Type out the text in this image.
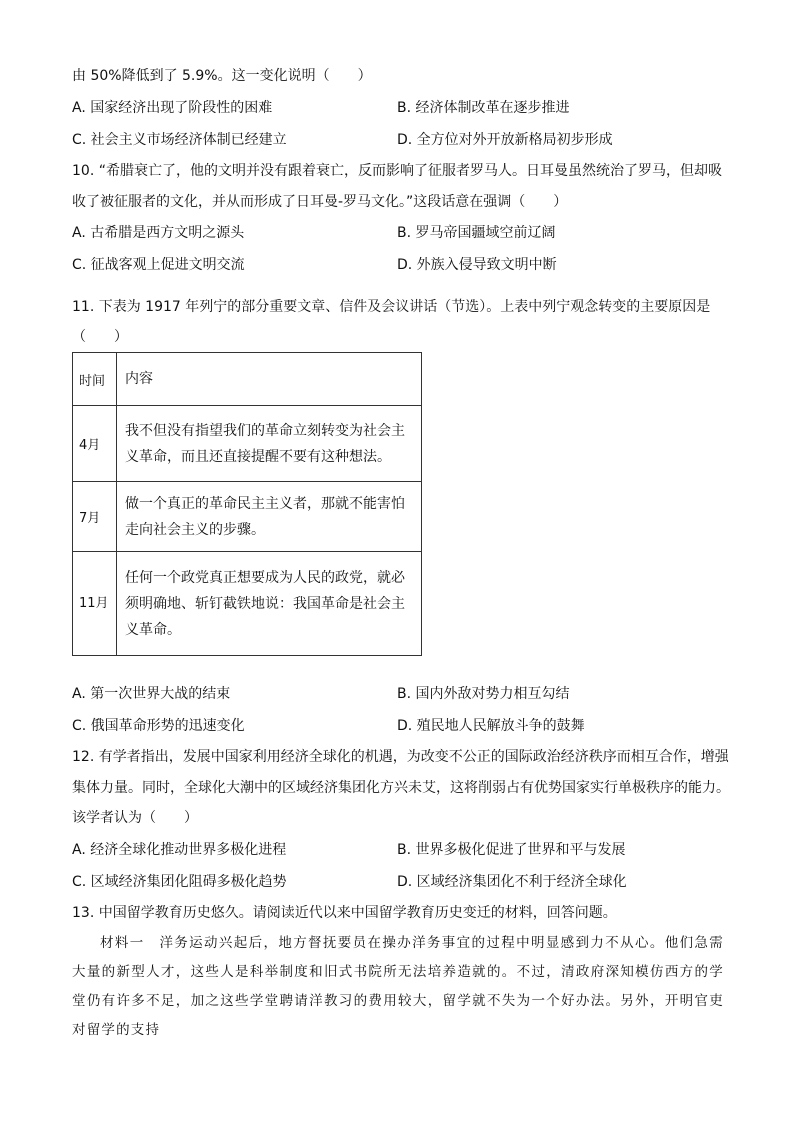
由 50%降低到了 5.9%。这一变化说明（　　）
A. 国家经济出现了阶段性的困难	B. 经济体制改革在逐步推进
C. 社会主义市场经济体制已经建立	D. 全方位对外开放新格局初步形成
10. “希腊衰亡了，他的文明并没有跟着衰亡，反而影响了征服者罗马人。日耳曼虽然统治了罗马，但却吸
收了被征服者的文化，并从而形成了日耳曼-罗马文化。”这段话意在强调（　　）
A. 古希腊是西方文明之源头	B. 罗马帝国疆域空前辽阔
C. 征战客观上促进文明交流	D. 外族入侵导致文明中断
11. 下表为 1917 年列宁的部分重要文章、信件及会议讲话（节选）。上表中列宁观念转变的主要原因是
（　　）
时间	内容
4月	我不但没有指望我们的革命立刻转变为社会主义革命，而且还直接提醒不要有这种想法。
7月	做一个真正的革命民主主义者，那就不能害怕走向社会主义的步骤。
11月	任何一个政党真正想要成为人民的政党，就必须明确地、斩钉截铁地说：我国革命是社会主义革命。
A. 第一次世界大战的结束	B. 国内外敌对势力相互勾结
C. 俄国革命形势的迅速变化	D. 殖民地人民解放斗争的鼓舞
12. 有学者指出，发展中国家利用经济全球化的机遇，为改变不公正的国际政治经济秩序而相互合作，增强
集体力量。同时，全球化大潮中的区域经济集团化方兴未艾，这将削弱占有优势国家实行单极秩序的能力。
该学者认为（　　）
A. 经济全球化推动世界多极化进程	B. 世界多极化促进了世界和平与发展
C. 区域经济集团化阻碍多极化趋势	D. 区域经济集团化不利于经济全球化
13. 中国留学教育历史悠久。请阅读近代以来中国留学教育历史变迁的材料，回答问题。
材料一　洋务运动兴起后，地方督抚要员在操办洋务事宜的过程中明显感到力不从心。他们急需大量的新型人才，这些人是科举制度和旧式书院所无法培养造就的。不过，清政府深知模仿西方的学堂仍有许多不足，加之这些学堂聘请洋教习的费用较大，留学就不失为一个好办法。另外，开明官吏对留学的支持
